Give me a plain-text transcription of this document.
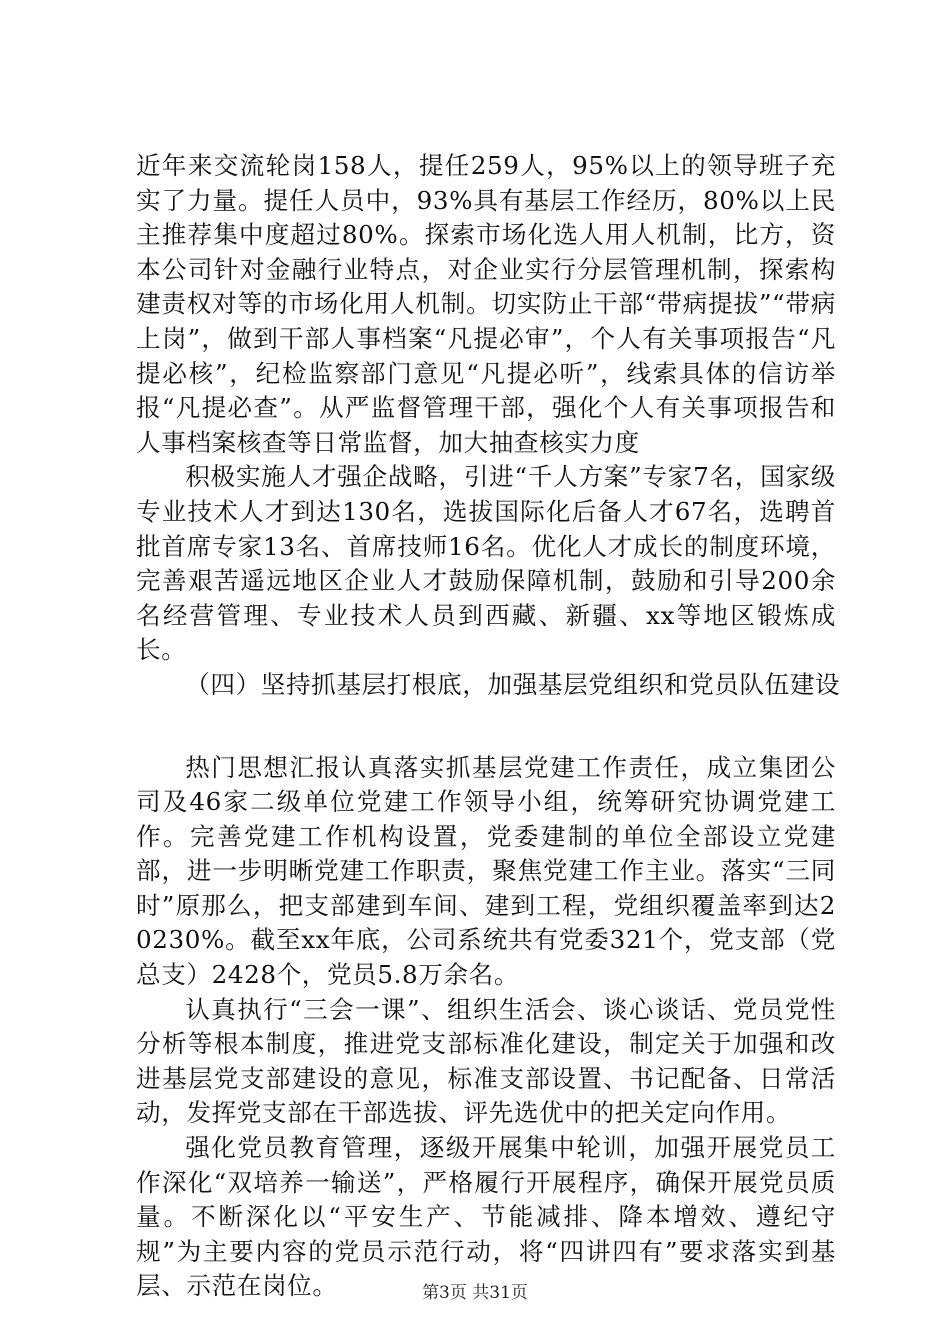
近年来交流轮岗158人，提任259人，95%以上的领导班子充实了力量。提任人员中，93%具有基层工作经历，80%以上民主推荐集中度超过80%。探索市场化选人用人机制，比方，资本公司针对金融行业特点，对企业实行分层管理机制，探索构建责权对等的市场化用人机制。切实防止干部“带病提拔”“带病上岗”，做到干部人事档案“凡提必审”，个人有关事项报告“凡提必核”，纪检监察部门意见“凡提必听”，线索具体的信访举报“凡提必查”。从严监督管理干部，强化个人有关事项报告和人事档案核查等日常监督，加大抽查核实力度

积极实施人才强企战略，引进“千人方案”专家7名，国家级专业技术人才到达130名，选拔国际化后备人才67名，选聘首批首席专家13名、首席技师16名。优化人才成长的制度环境，完善艰苦遥远地区企业人才鼓励保障机制，鼓励和引导200余名经营管理、专业技术人员到西藏、新疆、xx等地区锻炼成长。

（四）坚持抓基层打根底，加强基层党组织和党员队伍建设

热门思想汇报认真落实抓基层党建工作责任，成立集团公司及46家二级单位党建工作领导小组，统筹研究协调党建工作。完善党建工作机构设置，党委建制的单位全部设立党建部，进一步明晰党建工作职责，聚焦党建工作主业。落实“三同时”原那么，把支部建到车间、建到工程，党组织覆盖率到达20230%。截至xx年底，公司系统共有党委321个，党支部（党总支）2428个，党员5.8万余名。

认真执行“三会一课”、组织生活会、谈心谈话、党员党性分析等根本制度，推进党支部标准化建设，制定关于加强和改进基层党支部建设的意见，标准支部设置、书记配备、日常活动，发挥党支部在干部选拔、评先选优中的把关定向作用。

强化党员教育管理，逐级开展集中轮训，加强开展党员工作深化“双培养一输送”，严格履行开展程序，确保开展党员质量。不断深化以“平安生产、节能减排、降本增效、遵纪守规”为主要内容的党员示范行动，将“四讲四有”要求落实到基层、示范在岗位。	第3页 共31页
